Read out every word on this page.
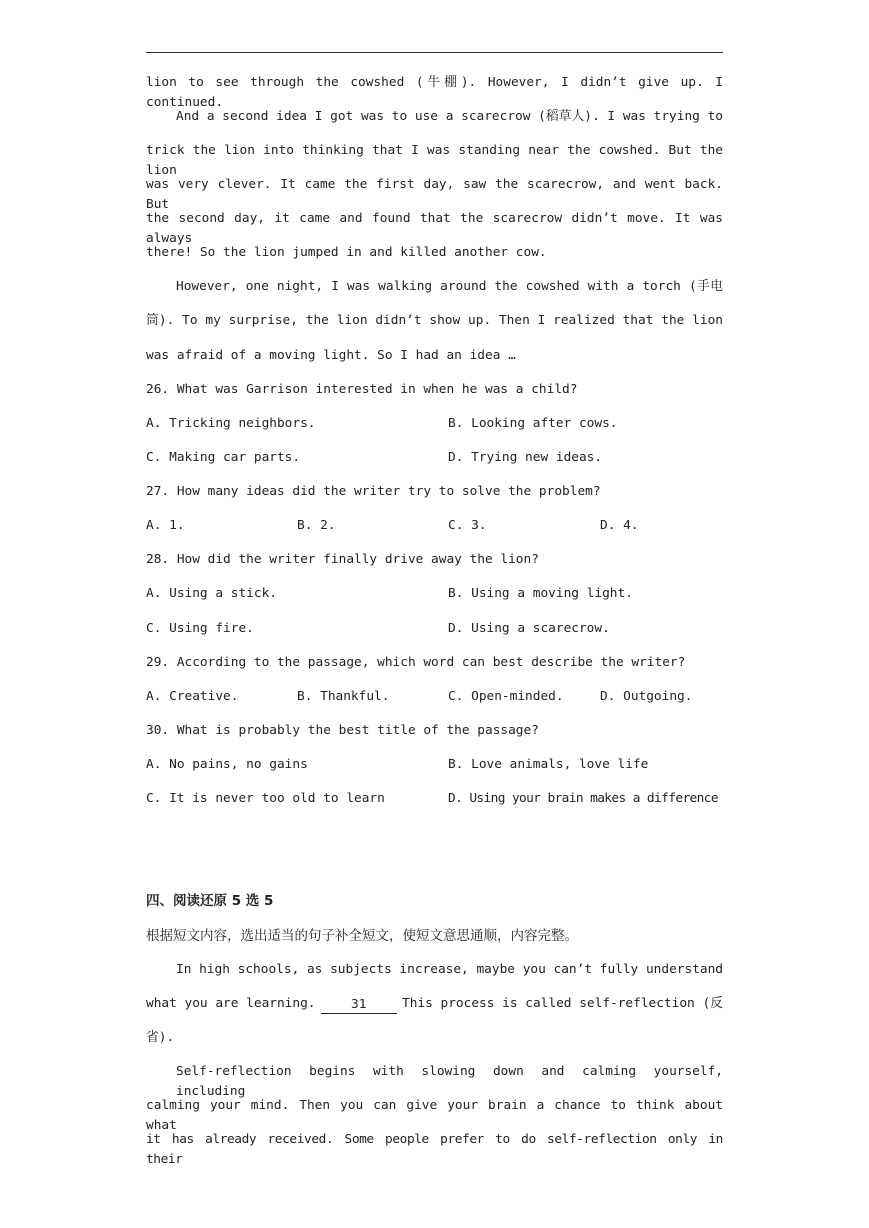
lion to see through the cowshed (牛棚). However, I didn’t give up. I continued.
And a second idea I got was to use a scarecrow (稻草人). I was trying to
trick the lion into thinking that I was standing near the cowshed. But the lion
was very clever. It came the first day, saw the scarecrow, and went back. But
the second day, it came and found that the scarecrow didn’t move. It was always
there! So the lion jumped in and killed another cow.
However, one night, I was walking around the cowshed with a torch (手电
筒). To my surprise, the lion didn’t show up. Then I realized that the lion
was afraid of a moving light. So I had an idea …
26. What was Garrison interested in when he was a child?

A. Tricking neighbors.

	B. Looking after cows.

C. Making car parts.

	D. Trying new ideas.

27. How many ideas did the writer try to solve the problem?

A. 1.

	B. 2.

	C. 3.

	D. 4.

28. How did the writer finally drive away the lion?

A. Using a stick.

	B. Using a moving light.

C. Using fire.

	D. Using a scarecrow.

29. According to the passage, which word can best describe the writer?

A. Creative.

	B. Thankful.

	C. Open-minded.

	D. Outgoing.

30. What is probably the best title of the passage?

A. No pains, no gains

	B. Love animals, love life

C. It is never too old to learn

	D. Using your brain makes a difference

四、阅读还原 5 选 5
根据短文内容，选出适当的句子补全短文，使短文意思通顺，内容完整。
In high schools, as subjects increase, maybe you can’t fully understand
what you are learning.	31	This process is called self-reflection (反
省).
Self-reflection begins with slowing down and calming yourself, including
calming your mind. Then you can give your brain a chance to think about what
it has already received. Some people prefer to do self-reflection only in their
